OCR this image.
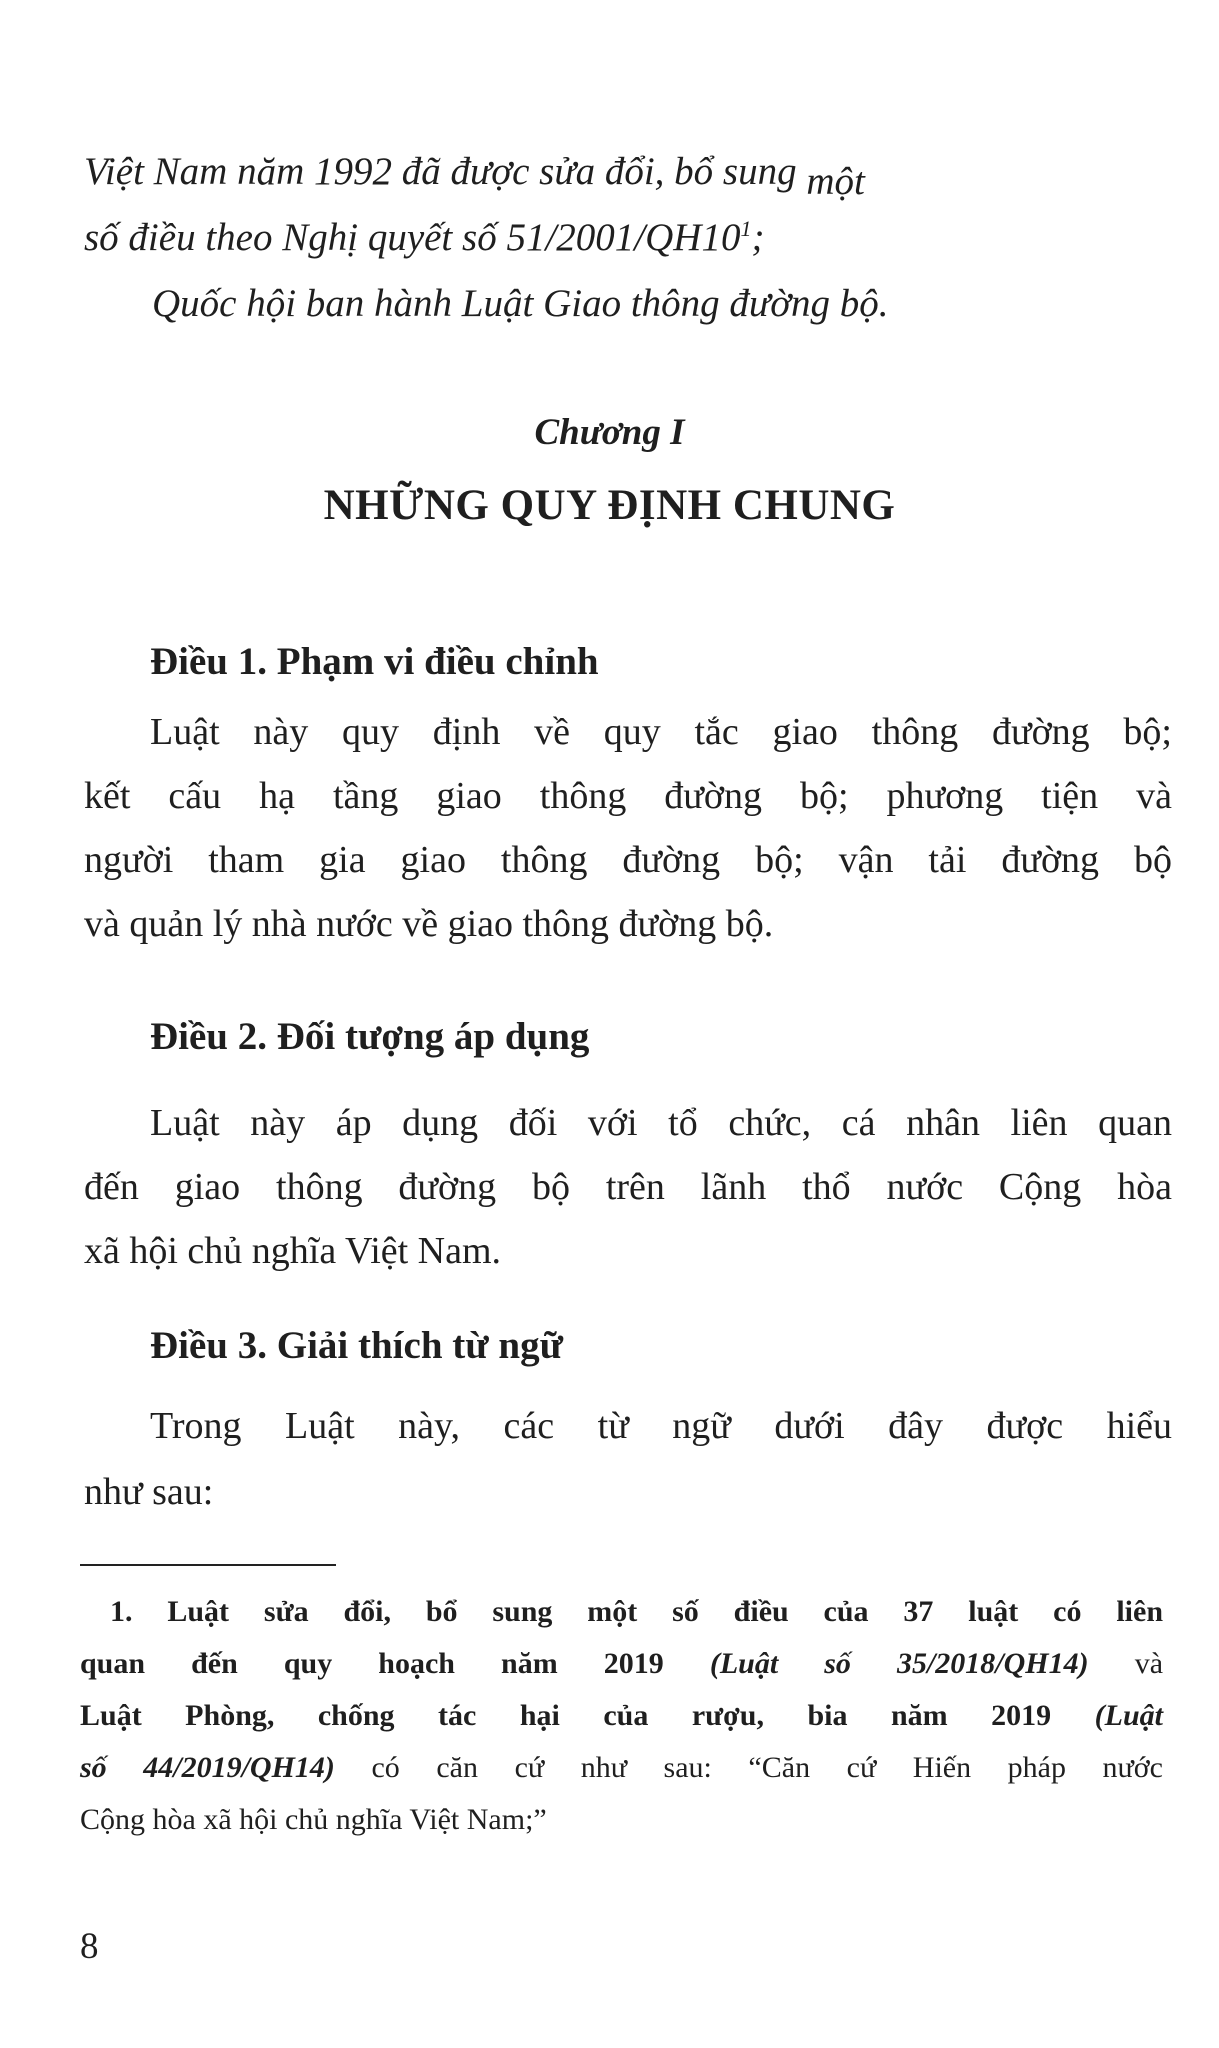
Việt Nam năm 1992 đã được sửa đổi, bổ sung một
số điều theo Nghị quyết số $51/2001/QH10^1$;
Quốc hội ban hành Luật Giao thông đường bộ.
Chương I
NHỮNG QUY ĐỊNH CHUNG
Điều 1. Phạm vi điều chỉnh
Luật này quy định về quy tắc giao thông đường bộ;
kết cấu hạ tầng giao thông đường bộ; phương tiện và
người tham gia giao thông đường bộ; vận tải đường bộ
và quản lý nhà nước về giao thông đường bộ.
Điều 2. Đối tượng áp dụng
Luật này áp dụng đối với tổ chức, cá nhân liên quan
đến giao thông đường bộ trên lãnh thổ nước Cộng hòa
xã hội chủ nghĩa Việt Nam.
Điều 3. Giải thích từ ngữ
Trong Luật này, các từ ngữ dưới đây được hiểu
như sau:
1. Luật sửa đổi, bổ sung một số điều của 37 luật có liên
quan đến quy hoạch năm 2019 (Luật số 35/2018/QH14) và
Luật Phòng, chống tác hại của rượu, bia năm 2019 (Luật
số 44/2019/QH14) có căn cứ như sau: “Căn cứ Hiến pháp nước
Cộng hòa xã hội chủ nghĩa Việt Nam;”
8
